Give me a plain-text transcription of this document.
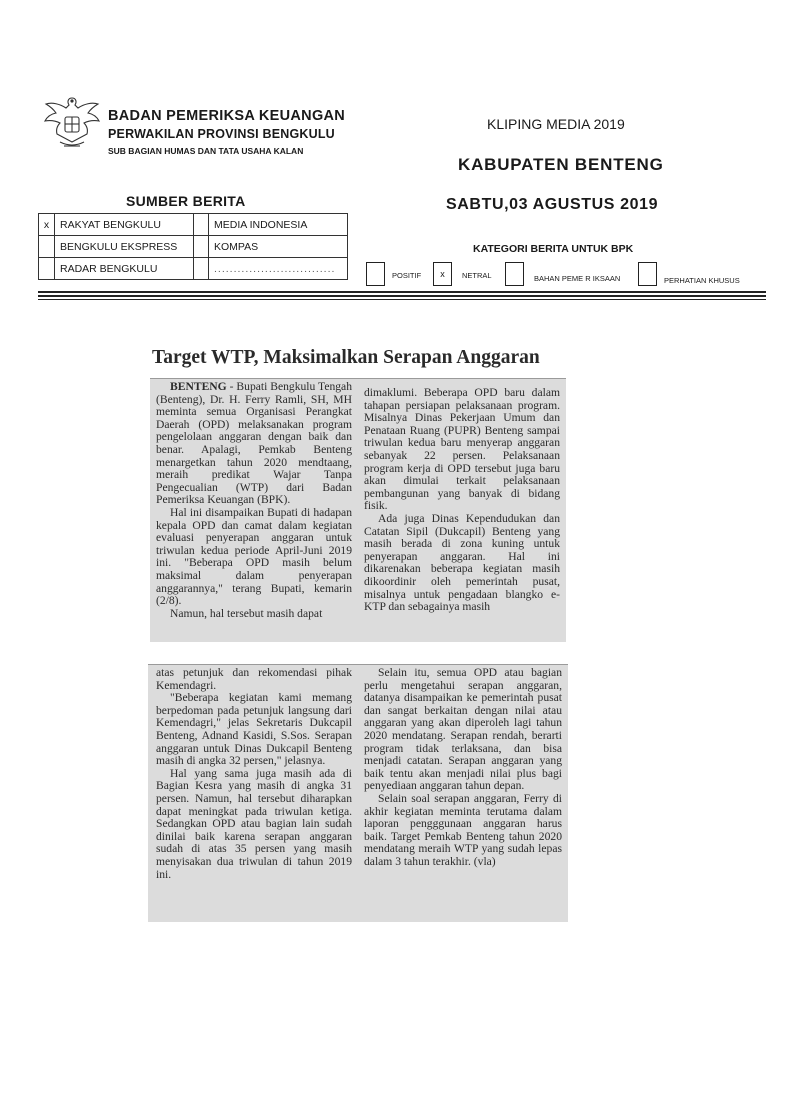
BADAN PEMERIKSA KEUANGAN
PERWAKILAN PROVINSI BENGKULU
SUB BAGIAN HUMAS DAN TATA USAHA KALAN
KLIPING MEDIA 2019
KABUPATEN BENTENG
SABTU,03 AGUSTUS 2019
SUMBER BERITA
x	RAKYAT BENGKULU		MEDIA INDONESIA
	BENGKULU EKSPRESS		KOMPAS
	RADAR BENGKULU		...............................
KATEGORI BERITA UNTUK BPK
POSITIF	x	NETRAL	BAHAN PEME R IKSAAN	PERHATIAN KHUSUS
Target WTP, Maksimalkan Serapan Anggaran

BENTENG - Bupati Bengkulu Tengah (Benteng), Dr. H. Ferry Ramli, SH, MH meminta semua Organisasi Perangkat Daerah (OPD) melaksanakan program pengelolaan anggaran dengan baik dan benar. Apalagi, Pemkab Benteng menargetkan tahun 2020 mendtaang, meraih predikat Wajar Tanpa Pengecualian (WTP) dari Badan Pemeriksa Keuangan (BPK).

Hal ini disampaikan Bupati di hadapan kepala OPD dan camat dalam kegiatan evaluasi penyerapan anggaran untuk triwulan kedua periode April-Juni 2019 ini. "Beberapa OPD masih belum maksimal dalam penyerapan anggarannya," terang Bupati, kemarin (2/8).

Namun, hal tersebut masih dapat

dimaklumi. Beberapa OPD baru dalam tahapan persiapan pelaksanaan program. Misalnya Dinas Pekerjaan Umum dan Penataan Ruang (PUPR) Benteng sampai triwulan kedua baru menyerap anggaran sebanyak 22 persen. Pelaksanaan program kerja di OPD tersebut juga baru akan dimulai terkait pelaksanaan pembangunan yang banyak di bidang fisik.

Ada juga Dinas Kependudukan dan Catatan Sipil (Dukcapil) Benteng yang masih berada di zona kuning untuk penyerapan anggaran. Hal ini dikarenakan beberapa kegiatan masih dikoordinir oleh pemerintah pusat, misalnya untuk pengadaan blangko e-KTP dan sebagainya masih

atas petunjuk dan rekomendasi pihak Kemendagri.

"Beberapa kegiatan kami memang berpedoman pada petunjuk langsung dari Kemendagri," jelas Sekretaris Dukcapil Benteng, Adnand Kasidi, S.Sos. Serapan anggaran untuk Dinas Dukcapil Benteng masih di angka 32 persen," jelasnya.

Hal yang sama juga masih ada di Bagian Kesra yang masih di angka 31 persen. Namun, hal tersebut diharapkan dapat meningkat pada triwulan ketiga. Sedangkan OPD atau bagian lain sudah dinilai baik karena serapan anggaran sudah di atas 35 persen yang masih menyisakan dua triwulan di tahun 2019 ini.

Selain itu, semua OPD atau bagian perlu mengetahui serapan anggaran, datanya disampaikan ke pemerintah pusat dan sangat berkaitan dengan nilai atau anggaran yang akan diperoleh lagi tahun 2020 mendatang. Serapan rendah, berarti program tidak terlaksana, dan bisa menjadi catatan. Serapan anggaran yang baik tentu akan menjadi nilai plus bagi penyediaan anggaran tahun depan.

Selain soal serapan anggaran, Ferry di akhir kegiatan meminta terutama dalam laporan pengggunaan anggaran harus baik. Target Pemkab Benteng tahun 2020 mendatang meraih WTP yang sudah lepas dalam 3 tahun terakhir. (vla)
